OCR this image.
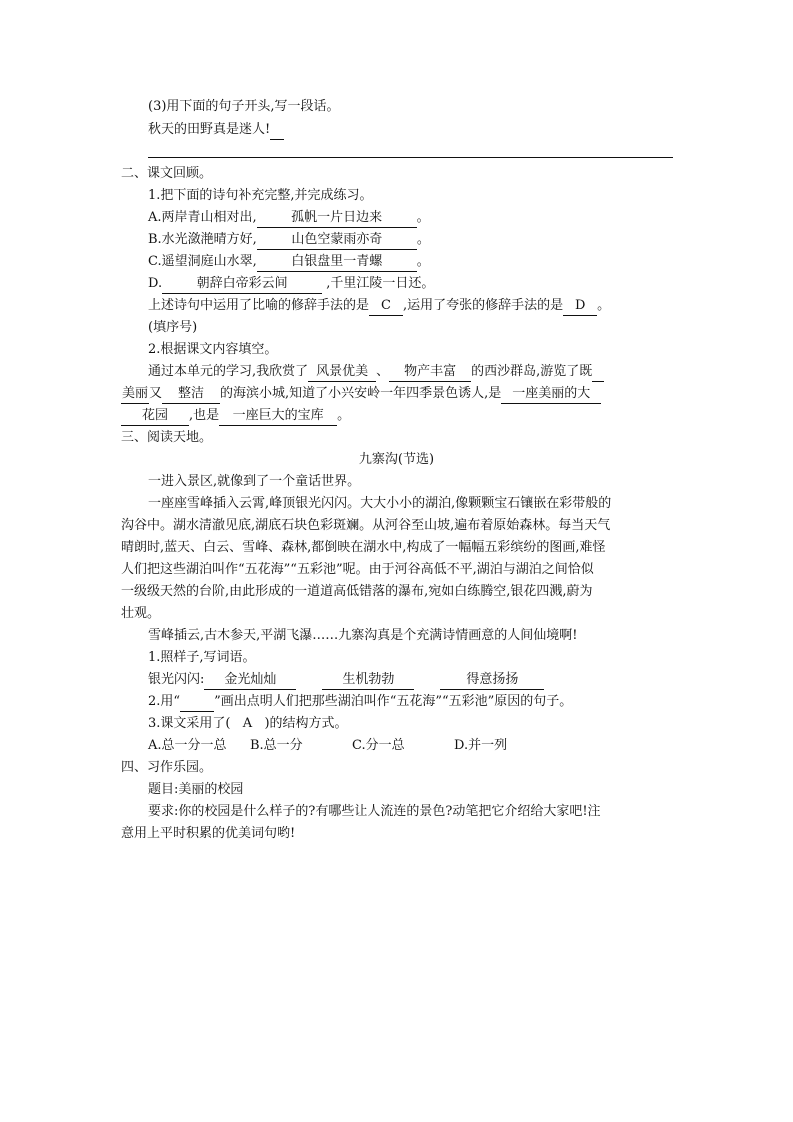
(3)用下面的句子开头,写一段话。
秋天的田野真是迷人!
二、课文回顾。
1.把下面的诗句补充完整,并完成练习。
A.两岸青山相对出,	孤帆一片日边来	。
B.水光潋滟晴方好,	山色空蒙雨亦奇	。
C.遥望洞庭山水翠,	白银盘里一青螺	。
D.	朝辞白帝彩云间	,千里江陵一日还。
上述诗句中运用了比喻的修辞手法的是 C ,运用了夸张的修辞手法的是 D 。
(填序号)
2.根据课文内容填空。
通过本单元的学习,我欣赏了 风景优美 、 物产丰富 的西沙群岛,游览了既
美丽又 整洁 的海滨小城,知道了小兴安岭一年四季景色诱人,是 一座美丽的大
花园 ,也是 一座巨大的宝库 。
三、阅读天地。
九寨沟(节选)
一进入景区,就像到了一个童话世界。
一座座雪峰插入云霄,峰顶银光闪闪。大大小小的湖泊,像颗颗宝石镶嵌在彩带般的
沟谷中。湖水清澈见底,湖底石块色彩斑斓。从河谷至山坡,遍布着原始森林。每当天气
晴朗时,蓝天、白云、雪峰、森林,都倒映在湖水中,构成了一幅幅五彩缤纷的图画,难怪
人们把这些湖泊叫作“五花海”“五彩池”呢。由于河谷高低不平,湖泊与湖泊之间恰似
一级级天然的台阶,由此形成的一道道高低错落的瀑布,宛如白练腾空,银花四溅,蔚为
壮观。
雪峰插云,古木参天,平湖飞瀑……九寨沟真是个充满诗情画意的人间仙境啊!
1.照样子,写词语。
银光闪闪: 金光灿灿	生机勃勃	得意扬扬
2.用“	”画出点明人们把那些湖泊叫作“五花海”“五彩池”原因的句子。
3.课文采用了( A )的结构方式。
A.总一分一总 B.总一分	C.分一总	D.并一列
四、习作乐园。
题目:美丽的校园
要求:你的校园是什么样子的?有哪些让人流连的景色?动笔把它介绍给大家吧!注
意用上平时积累的优美词句哟!
